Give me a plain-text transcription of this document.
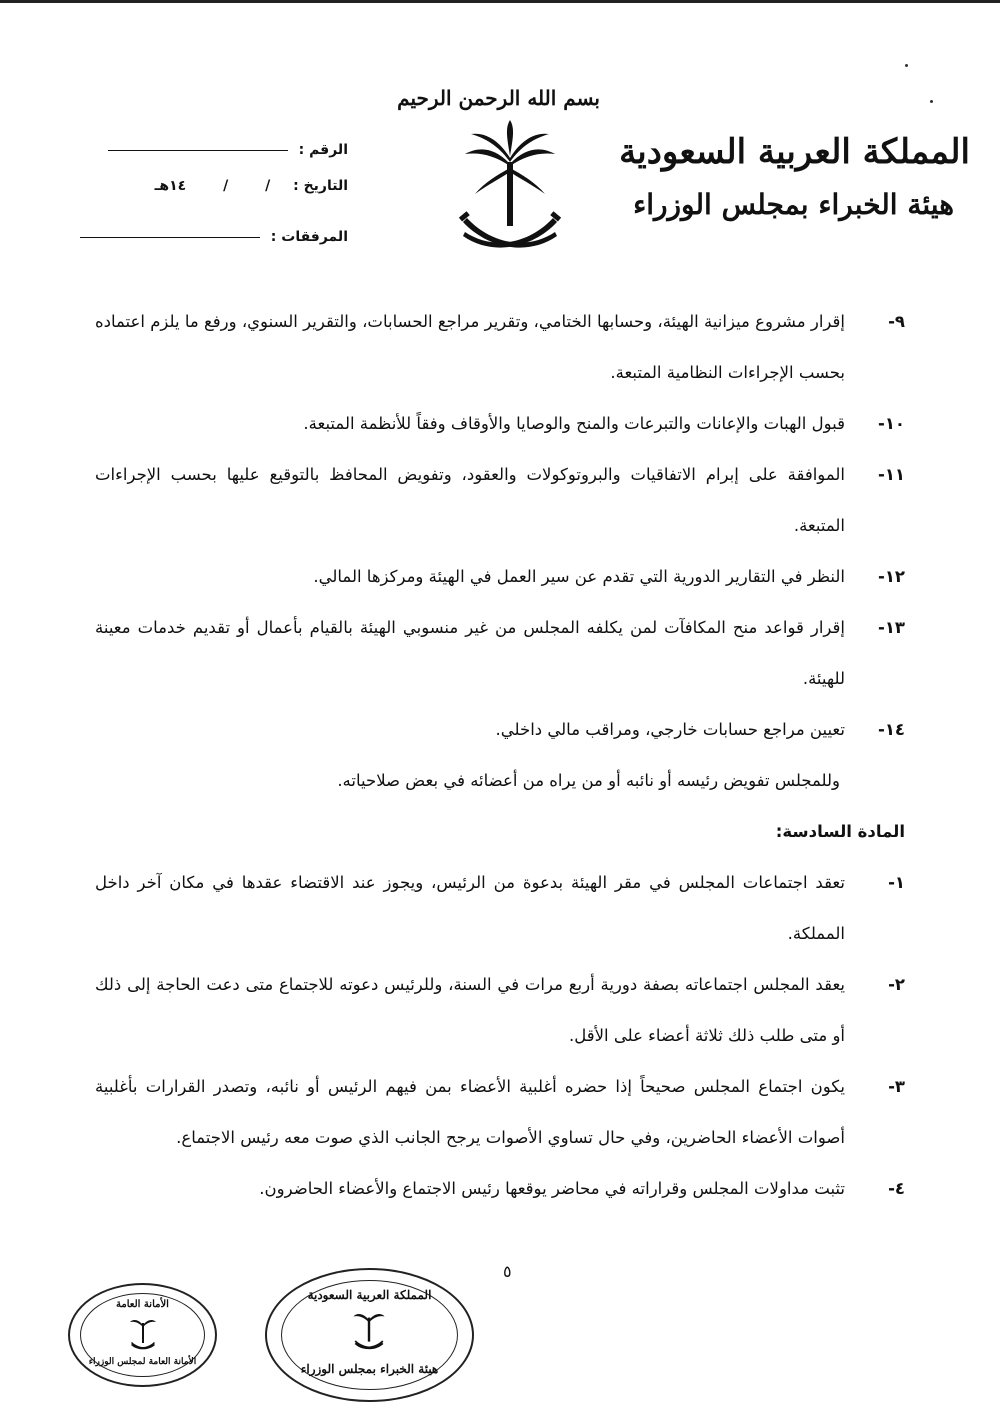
بسم الله الرحمن الرحيم
المملكة العربية السعودية
هيئة الخبراء بمجلس الوزراء
الرقم :
التاريخ : / / ١٤هـ
المرفقات :
٩-
إقرار مشروع ميزانية الهيئة، وحسابها الختامي، وتقرير مراجع الحسابات، والتقرير السنوي، ورفع ما يلزم اعتماده بحسب الإجراءات النظامية المتبعة.
١٠-
قبول الهبات والإعانات والتبرعات والمنح والوصايا والأوقاف وفقاً للأنظمة المتبعة.
١١-
الموافقة على إبرام الاتفاقيات والبروتوكولات والعقود، وتفويض المحافظ بالتوقيع عليها بحسب الإجراءات المتبعة.
١٢-
النظر في التقارير الدورية التي تقدم عن سير العمل في الهيئة ومركزها المالي.
١٣-
إقرار قواعد منح المكافآت لمن يكلفه المجلس من غير منسوبي الهيئة بالقيام بأعمال أو تقديم خدمات معينة للهيئة.
١٤-
تعيين مراجع حسابات خارجي، ومراقب مالي داخلي.
وللمجلس تفويض رئيسه أو نائبه أو من يراه من أعضائه في بعض صلاحياته.
المادة السادسة:
١-
تعقد اجتماعات المجلس في مقر الهيئة بدعوة من الرئيس، ويجوز عند الاقتضاء عقدها في مكان آخر داخل المملكة.
٢-
يعقد المجلس اجتماعاته بصفة دورية أربع مرات في السنة، وللرئيس دعوته للاجتماع متى دعت الحاجة إلى ذلك أو متى طلب ذلك ثلاثة أعضاء على الأقل.
٣-
يكون اجتماع المجلس صحيحاً إذا حضره أغلبية الأعضاء بمن فيهم الرئيس أو نائبه، وتصدر القرارات بأغلبية أصوات الأعضاء الحاضرين، وفي حال تساوي الأصوات يرجح الجانب الذي صوت معه رئيس الاجتماع.
٤-
تثبت مداولات المجلس وقراراته في محاضر يوقعها رئيس الاجتماع والأعضاء الحاضرون.
٥
الأمانة العامة
الأمانة العامة لمجلس الوزراء
المملكة العربية السعودية
هيئة الخبراء بمجلس الوزراء
